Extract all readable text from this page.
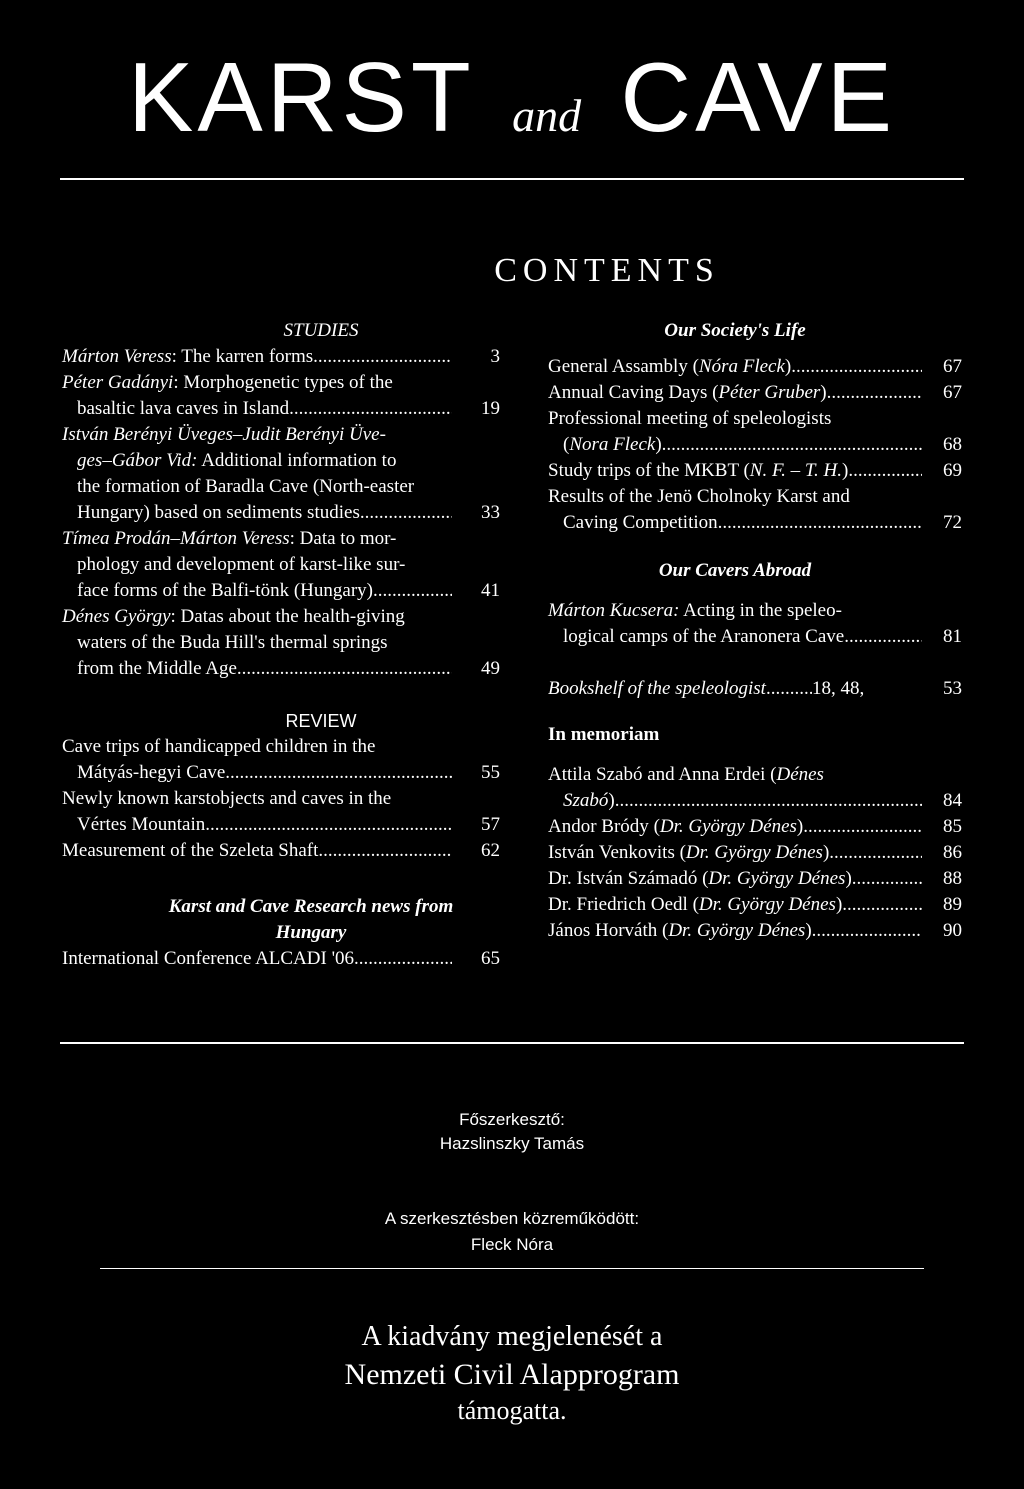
KARST and CAVE
CONTENTS
STUDIES
Márton Veress: The karren forms .....	3
Péter Gadányi: Morphogenetic types of the
basaltic lava caves in Island .....	19
István Berényi Üveges–Judit Berényi Üve-
ges–Gábor Vid: Additional information to
the formation of Baradla Cave (North-easter
Hungary) based on sediments studies .....	33
Tímea Prodán–Márton Veress: Data to mor-
phology and development of karst-like sur-
face forms of the Balfi-tönk (Hungary) .....	41
Dénes György: Datas about the health-giving
waters of the Buda Hill's thermal springs
from the Middle Age .....	49
REVIEW
Cave trips of handicapped children in the
Mátyás-hegyi Cave .....	55
Newly known karstobjects and caves in the
Vértes Mountain .....	57
Measurement of the Szeleta Shaft .....	62
Karst and Cave Research news from
Hungary
International Conference ALCADI '06 .....	65
Our Society's Life
General Assambly (Nóra Fleck) .....	67
Annual Caving Days (Péter Gruber) .....	67
Professional meeting of speleologists
(Nora Fleck) .....	68
Study trips of the MKBT (N. F. – T. H.) .....	69
Results of the Jenö Cholnoky Karst and
Caving Competition .....	72
Our Cavers Abroad
Márton Kucsera: Acting in the speleo-
logical camps of the Aranonera Cave .....	81
Bookshelf of the speleologist ..... 18, 48,	53
In memoriam
Attila Szabó and Anna Erdei (Dénes
Szabó) .....	84
Andor Bródy (Dr. György Dénes) .....	85
István Venkovits (Dr. György Dénes) .....	86
Dr. István Számadó (Dr. György Dénes) .....	88
Dr. Friedrich Oedl (Dr. György Dénes) .....	89
János Horváth (Dr. György Dénes) .....	90
Főszerkesztő:
Hazslinszky Tamás
A szerkesztésben közreműködött:
Fleck Nóra
A kiadvány megjelenését a
Nemzeti Civil Alapprogram
támogatta.
